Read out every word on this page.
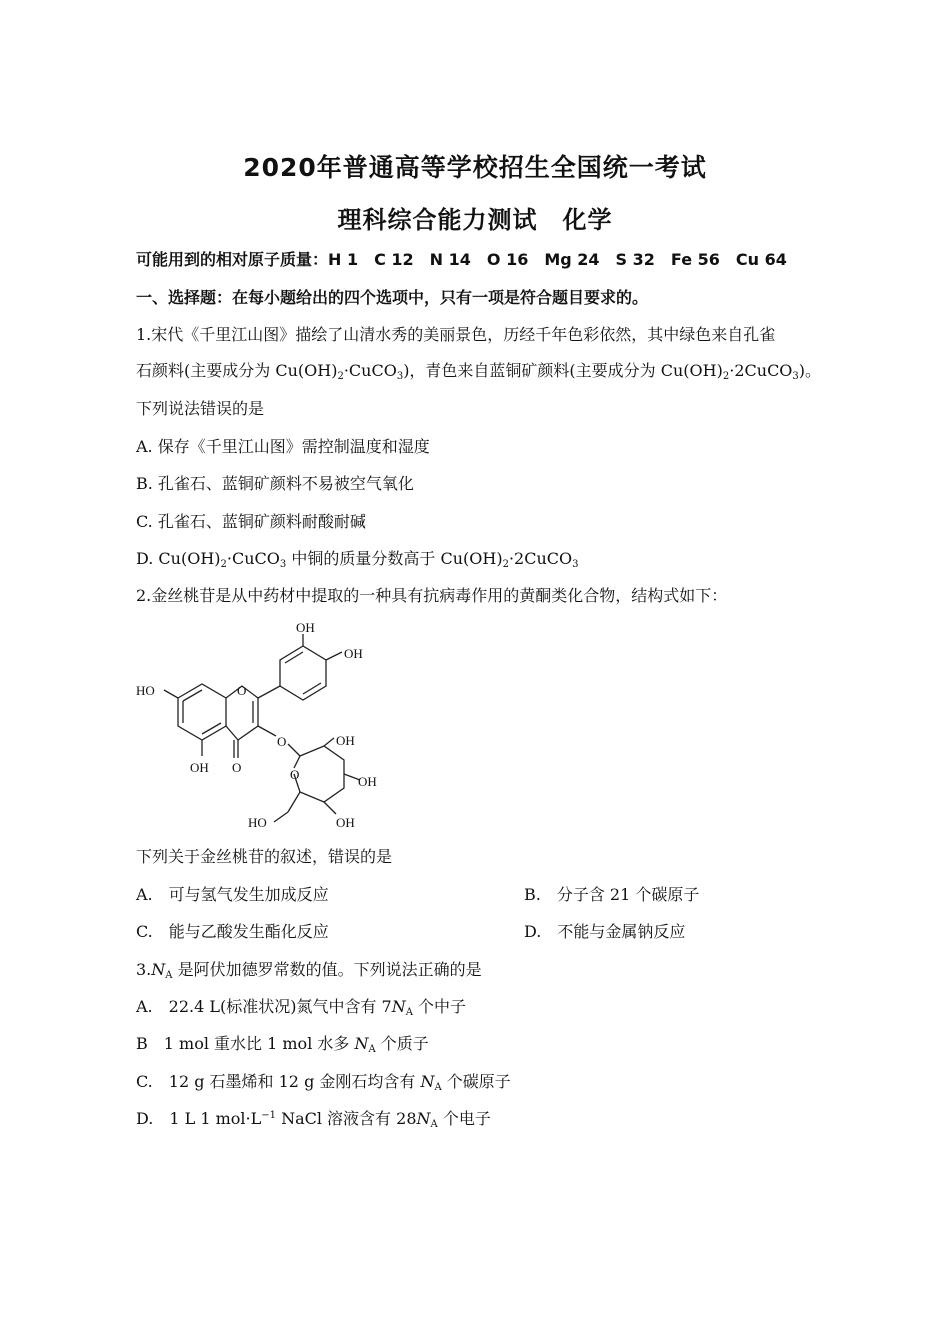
2020年普通高等学校招生全国统一考试
理科综合能力测试　化学
可能用到的相对原子质量：H 1　C 12　N 14　O 16　Mg 24　S 32　Fe 56　Cu 64
一、选择题：在每小题给出的四个选项中，只有一项是符合题目要求的。
1.宋代《千里江山图》描绘了山清水秀的美丽景色，历经千年色彩依然，其中绿色来自孔雀
石颜料(主要成分为 $Cu(OH)_2\cdot CuCO_3$)，青色来自蓝铜矿颜料(主要成分为 $Cu(OH)_2\cdot 2CuCO_3$)。
下列说法错误的是
A. 保存《千里江山图》需控制温度和湿度
B. 孔雀石、蓝铜矿颜料不易被空气氧化
C. 孔雀石、蓝铜矿颜料耐酸耐碱
D. $Cu(OH)_2\cdot CuCO_3$ 中铜的质量分数高于 $Cu(OH)_2\cdot 2CuCO_3$
2.金丝桃苷是从中药材中提取的一种具有抗病毒作用的黄酮类化合物，结构式如下：
OH
OH
HO	O
OH O
O	OH
O	OH
OH
HO
下列关于金丝桃苷的叙述，错误的是
A.　可与氢气发生加成反应	B.　分子含 21 个碳原子
C.　能与乙酸发生酯化反应	D.　不能与金属钠反应
$3.N_A$ 是阿伏加德罗常数的值。下列说法正确的是
A.　22.4 L(标准状况)氮气中含有 $7N_A$ 个中子
B　1 mol 重水比 1 mol 水多 $N_A$ 个质子
C.　12 g 石墨烯和 12 g 金刚石均含有 $N_A$ 个碳原子
D.　1 L 1 $mol\cdot L^{-1}$ NaCl 溶液含有 $28N_A$ 个电子
